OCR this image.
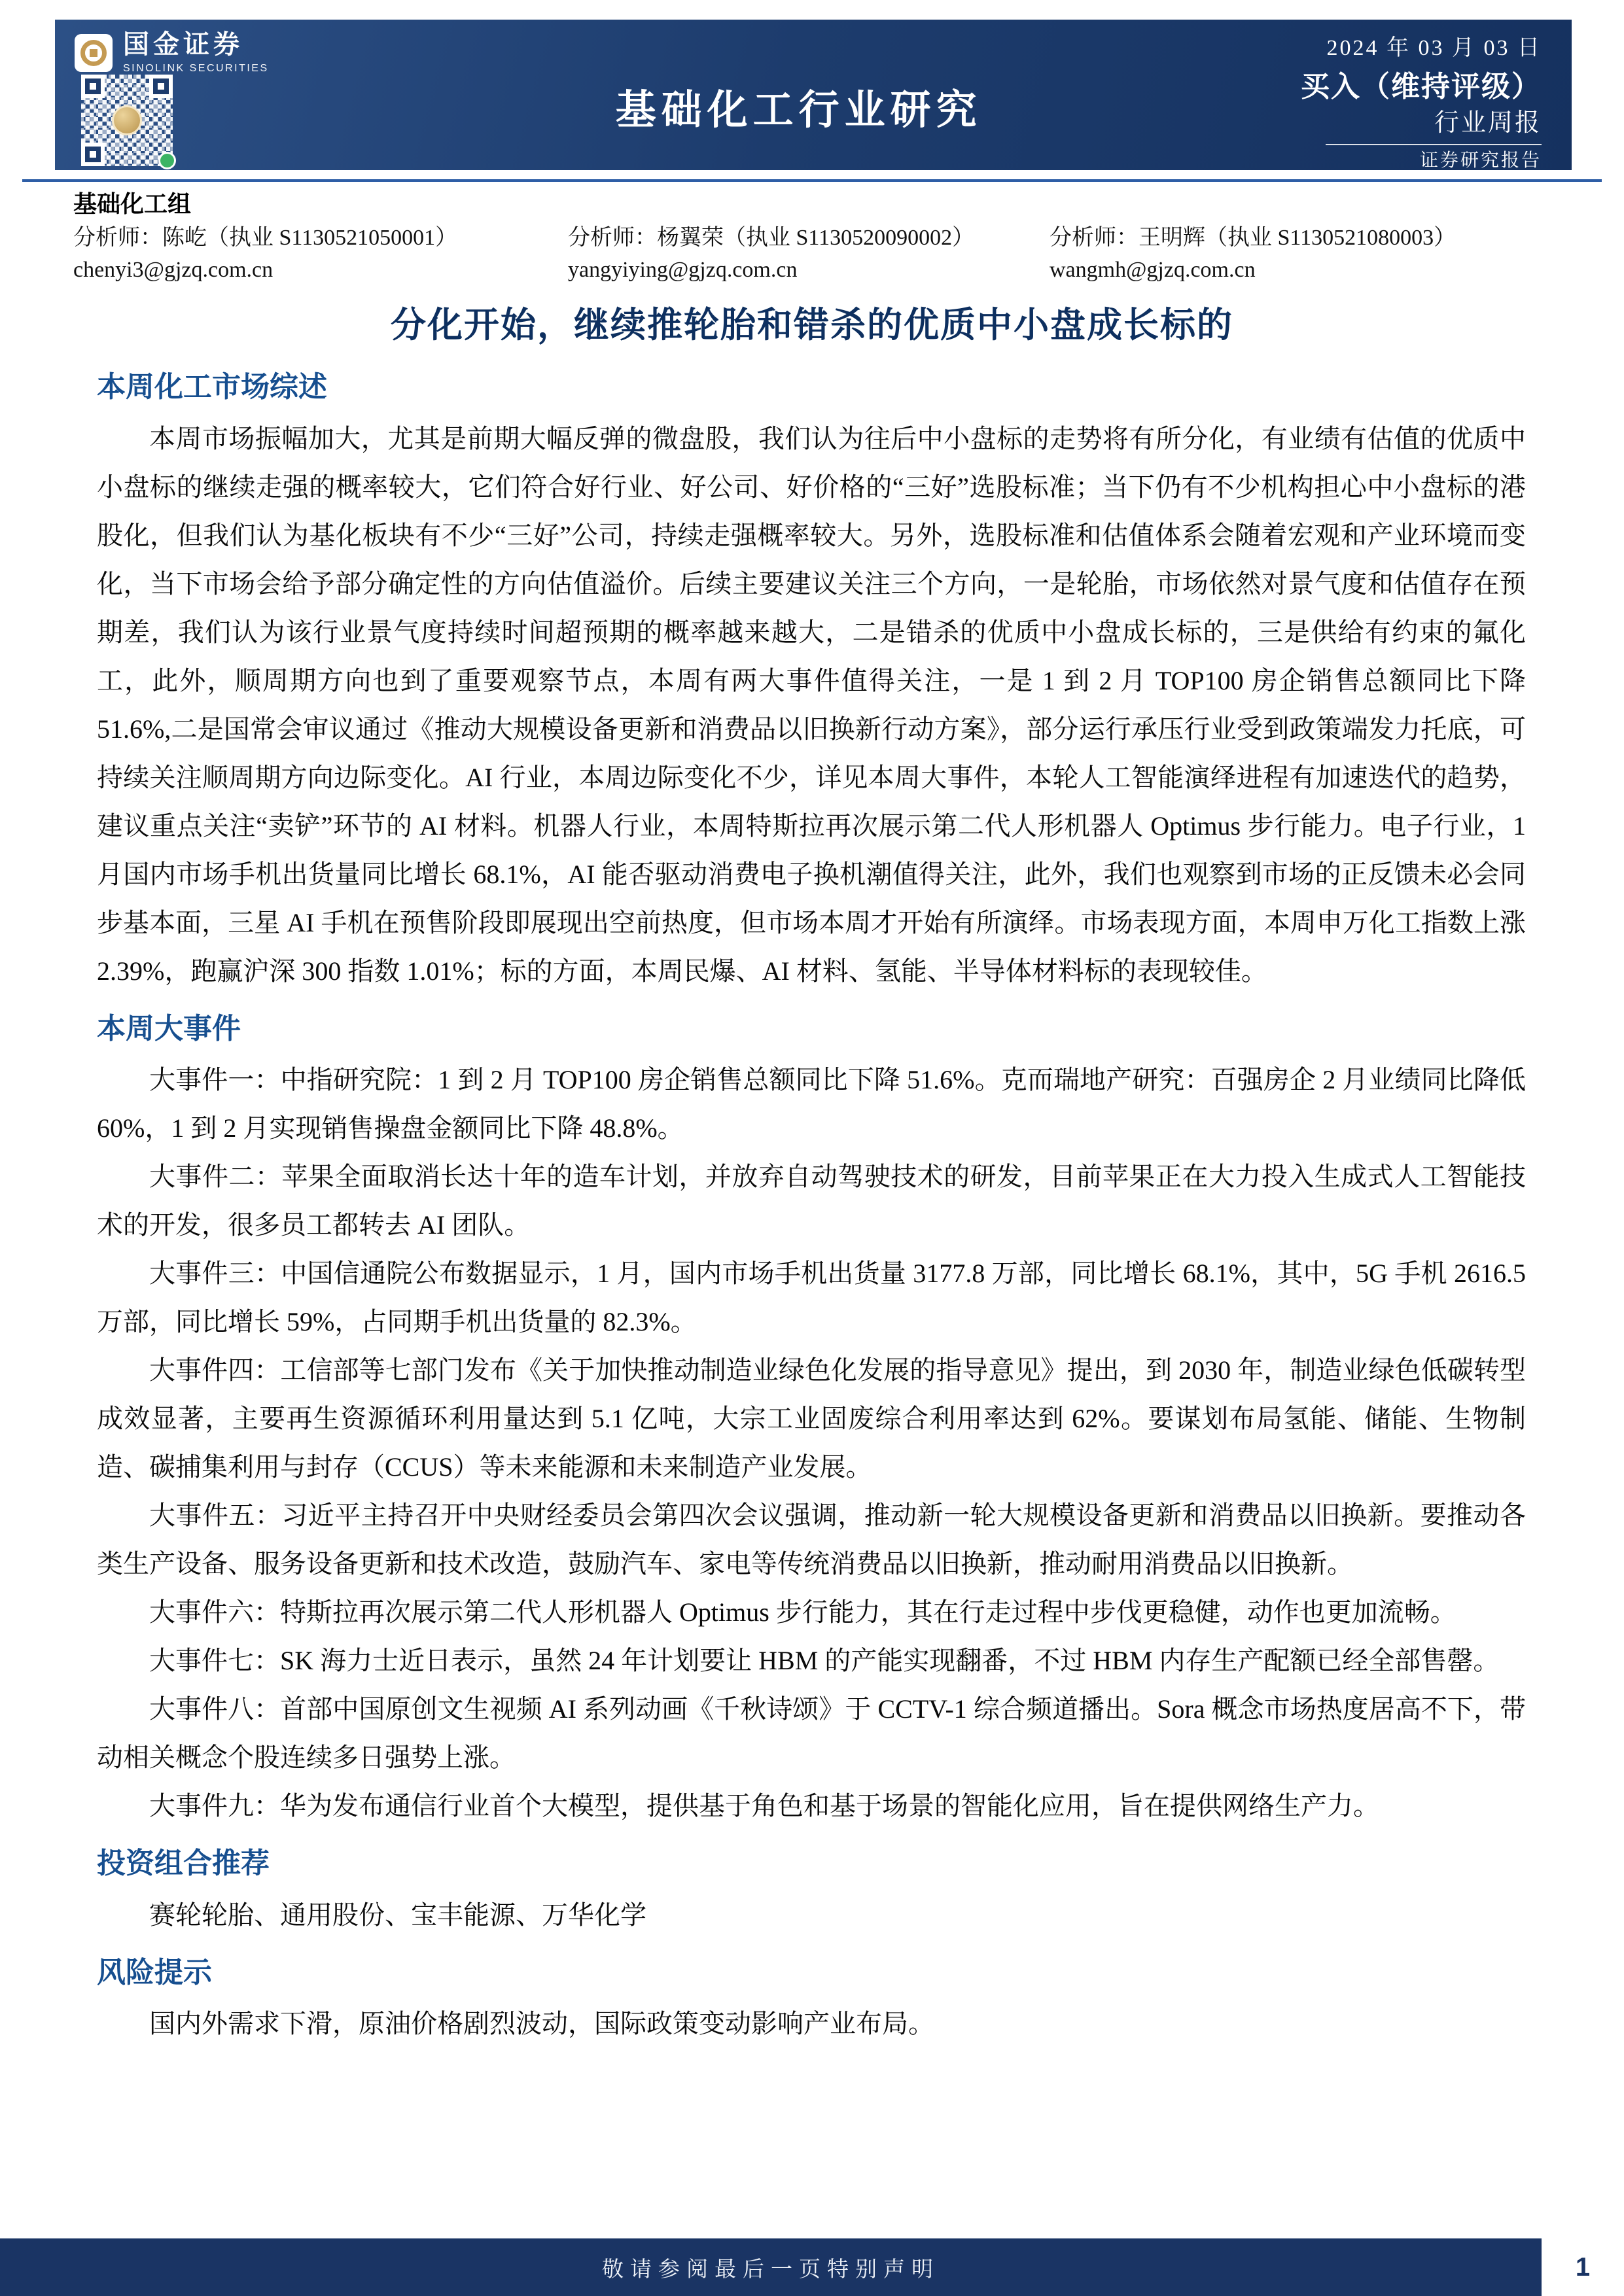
国金证券
SINOLINK SECURITIES
基础化工行业研究
2024 年 03 月 03 日
买入（维持评级）
行业周报
证券研究报告
基础化工组
分析师：陈屹（执业 S1130521050001）
chenyi3@gjzq.com.cn
分析师：杨翼荣（执业 S1130520090002）
yangyiying@gjzq.com.cn
分析师：王明辉（执业 S1130521080003）
wangmh@gjzq.com.cn
分化开始，继续推轮胎和错杀的优质中小盘成长标的
本周化工市场综述

本周市场振幅加大，尤其是前期大幅反弹的微盘股，我们认为往后中小盘标的走势将有所分化，有业绩有估值的优质中小盘标的继续走强的概率较大，它们符合好行业、好公司、好价格的“三好”选股标准；当下仍有不少机构担心中小盘标的港股化，但我们认为基化板块有不少“三好”公司，持续走强概率较大。另外，选股标准和估值体系会随着宏观和产业环境而变化，当下市场会给予部分确定性的方向估值溢价。后续主要建议关注三个方向，一是轮胎，市场依然对景气度和估值存在预期差，我们认为该行业景气度持续时间超预期的概率越来越大，二是错杀的优质中小盘成长标的，三是供给有约束的氟化工，此外，顺周期方向也到了重要观察节点，本周有两大事件值得关注，一是 1 到 2 月 TOP100 房企销售总额同比下降 51.6%,二是国常会审议通过《推动大规模设备更新和消费品以旧换新行动方案》，部分运行承压行业受到政策端发力托底，可持续关注顺周期方向边际变化。AI 行业，本周边际变化不少，详见本周大事件，本轮人工智能演绎进程有加速迭代的趋势，建议重点关注“卖铲”环节的 AI 材料。机器人行业，本周特斯拉再次展示第二代人形机器人 Optimus 步行能力。电子行业，1 月国内市场手机出货量同比增长 68.1%，AI 能否驱动消费电子换机潮值得关注，此外，我们也观察到市场的正反馈未必会同步基本面，三星 AI 手机在预售阶段即展现出空前热度，但市场本周才开始有所演绎。市场表现方面，本周申万化工指数上涨 2.39%，跑赢沪深 300 指数 1.01%；标的方面，本周民爆、AI 材料、氢能、半导体材料标的表现较佳。

本周大事件

大事件一：中指研究院：1 到 2 月 TOP100 房企销售总额同比下降 51.6%。克而瑞地产研究：百强房企 2 月业绩同比降低 60%，1 到 2 月实现销售操盘金额同比下降 48.8%。

大事件二：苹果全面取消长达十年的造车计划，并放弃自动驾驶技术的研发，目前苹果正在大力投入生成式人工智能技术的开发，很多员工都转去 AI 团队。

大事件三：中国信通院公布数据显示，1 月，国内市场手机出货量 3177.8 万部，同比增长 68.1%，其中，5G 手机 2616.5 万部，同比增长 59%，占同期手机出货量的 82.3%。

大事件四：工信部等七部门发布《关于加快推动制造业绿色化发展的指导意见》提出，到 2030 年，制造业绿色低碳转型成效显著，主要再生资源循环利用量达到 5.1 亿吨，大宗工业固废综合利用率达到 62%。要谋划布局氢能、储能、生物制造、碳捕集利用与封存（CCUS）等未来能源和未来制造产业发展。

大事件五：习近平主持召开中央财经委员会第四次会议强调，推动新一轮大规模设备更新和消费品以旧换新。要推动各类生产设备、服务设备更新和技术改造，鼓励汽车、家电等传统消费品以旧换新，推动耐用消费品以旧换新。

大事件六：特斯拉再次展示第二代人形机器人 Optimus 步行能力，其在行走过程中步伐更稳健，动作也更加流畅。

大事件七：SK 海力士近日表示，虽然 24 年计划要让 HBM 的产能实现翻番，不过 HBM 内存生产配额已经全部售罄。

大事件八：首部中国原创文生视频 AI 系列动画《千秋诗颂》于 CCTV-1 综合频道播出。Sora 概念市场热度居高不下，带动相关概念个股连续多日强势上涨。

大事件九：华为发布通信行业首个大模型，提供基于角色和基于场景的智能化应用，旨在提供网络生产力。

投资组合推荐

赛轮轮胎、通用股份、宝丰能源、万华化学

风险提示

国内外需求下滑，原油价格剧烈波动，国际政策变动影响产业布局。

敬请参阅最后一页特别声明	1
